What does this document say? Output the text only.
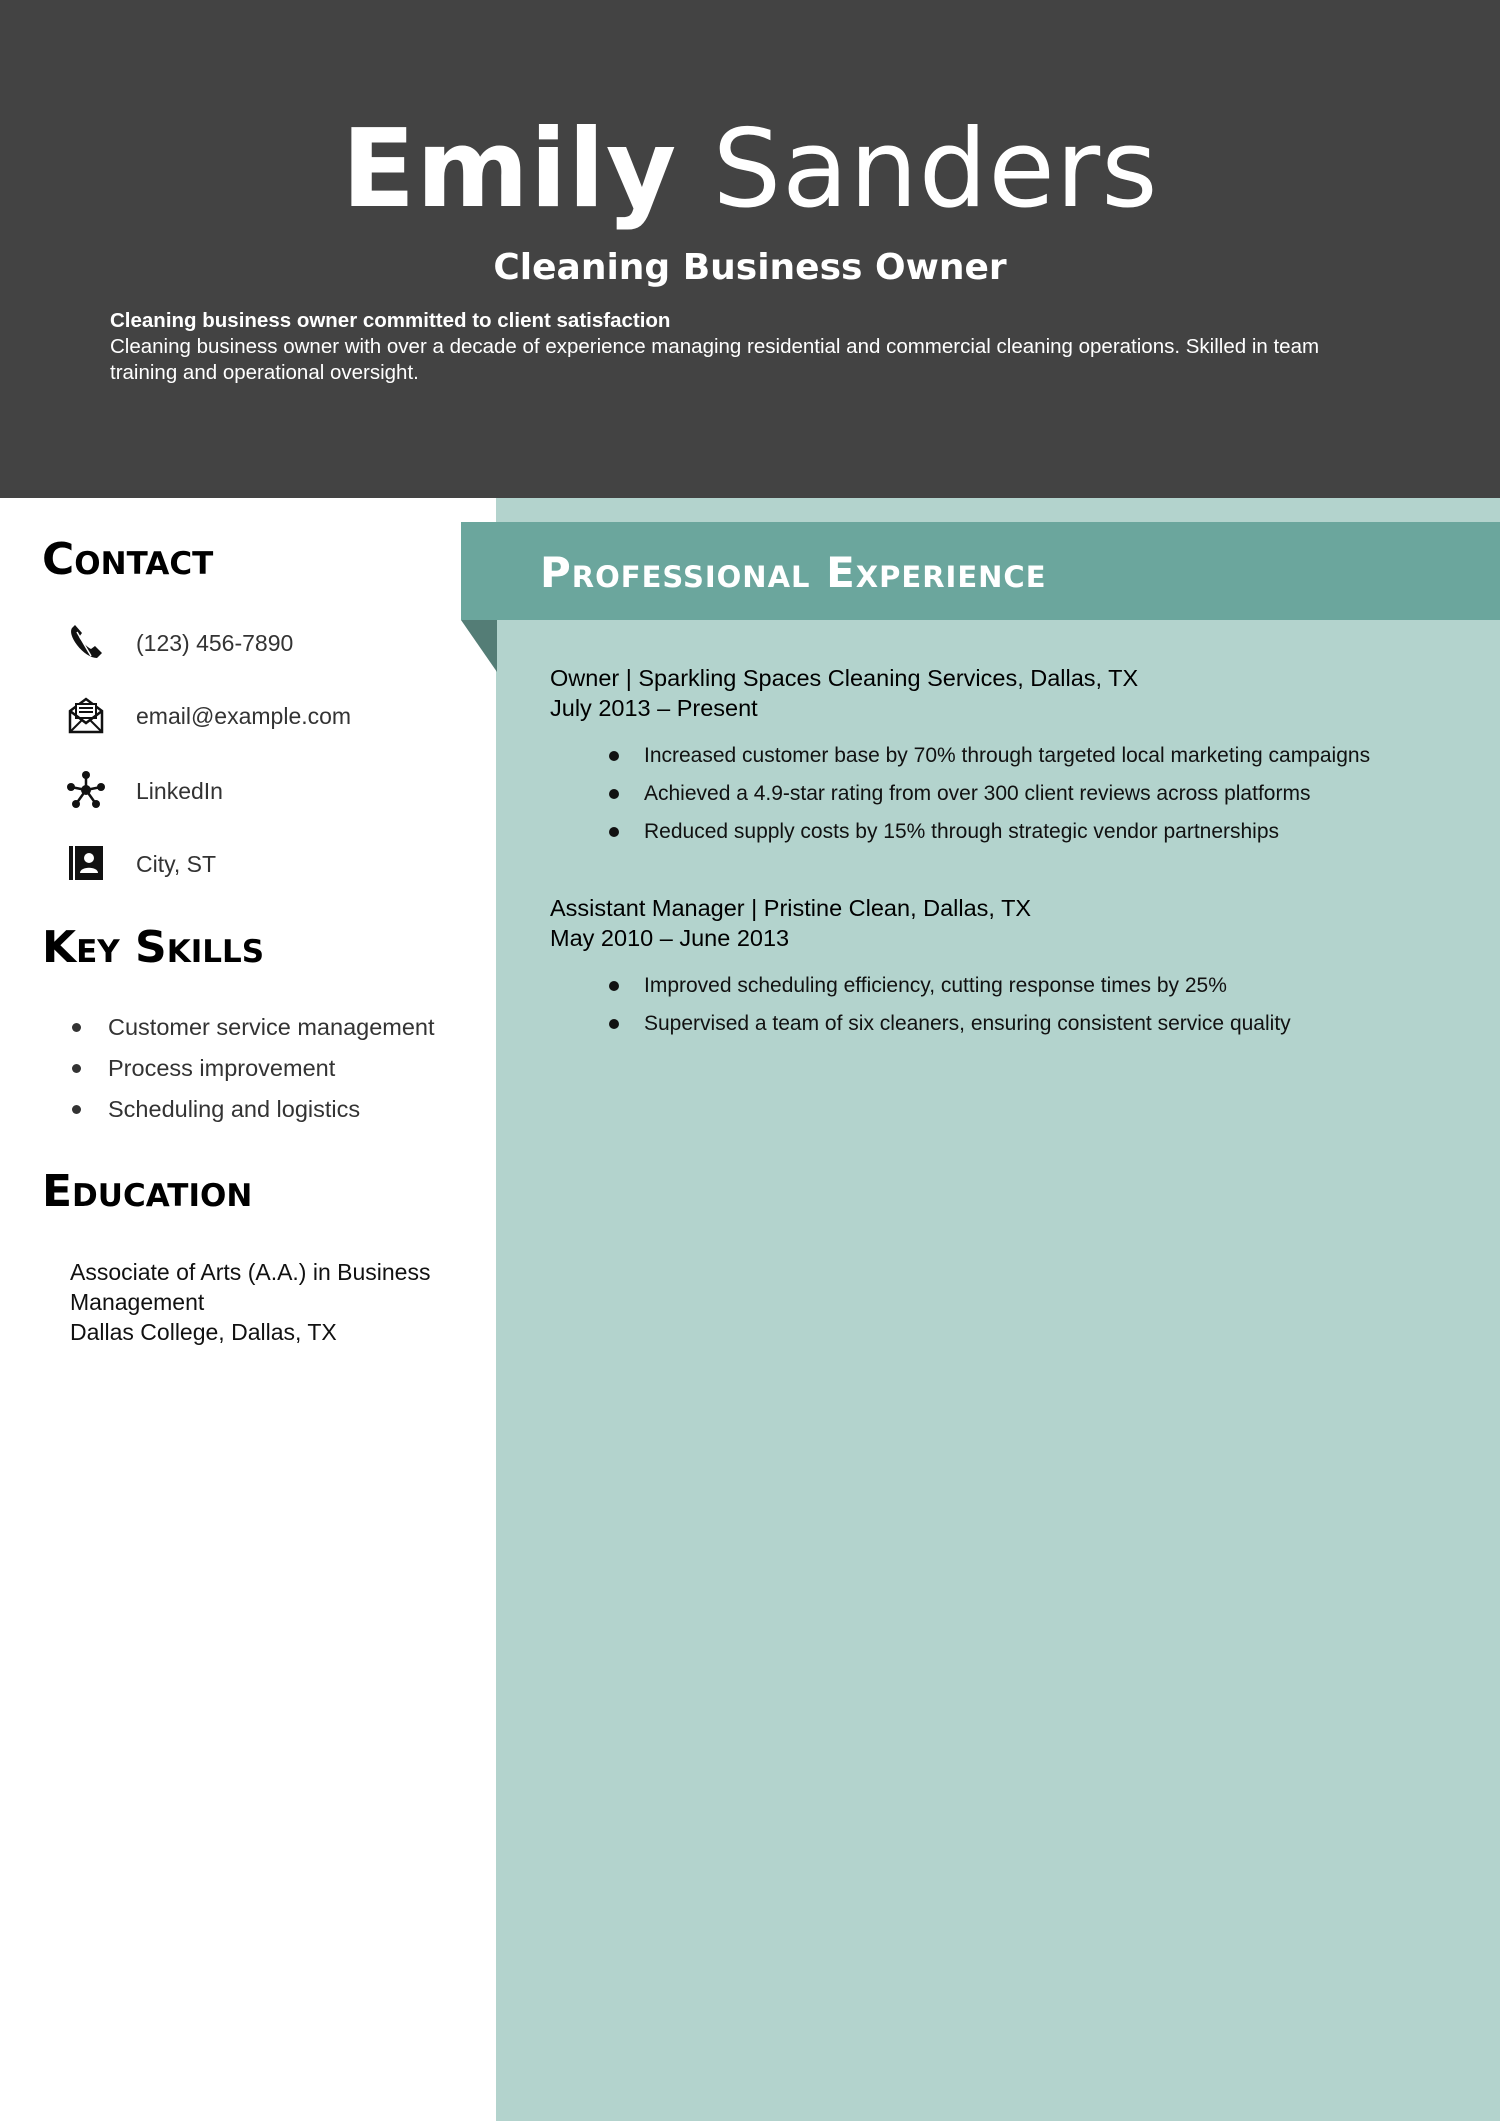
Emily Sanders
Cleaning Business Owner
Cleaning business owner committed to client satisfaction
Cleaning business owner with over a decade of experience managing residential and commercial cleaning operations. Skilled in team training and operational oversight.
Professional Experience
Contact
(123) 456-7890
email@example.com
LinkedIn
City, ST
Key Skills
Customer service management
Process improvement
Scheduling and logistics
Education
Associate of Arts (A.A.) in Business Management
Dallas College, Dallas, TX
Owner | Sparkling Spaces Cleaning Services, Dallas, TX
July 2013 – Present
Increased customer base by 70% through targeted local marketing campaigns
Achieved a 4.9-star rating from over 300 client reviews across platforms
Reduced supply costs by 15% through strategic vendor partnerships
Assistant Manager | Pristine Clean, Dallas, TX
May 2010 – June 2013
Improved scheduling efficiency, cutting response times by 25%
Supervised a team of six cleaners, ensuring consistent service quality
